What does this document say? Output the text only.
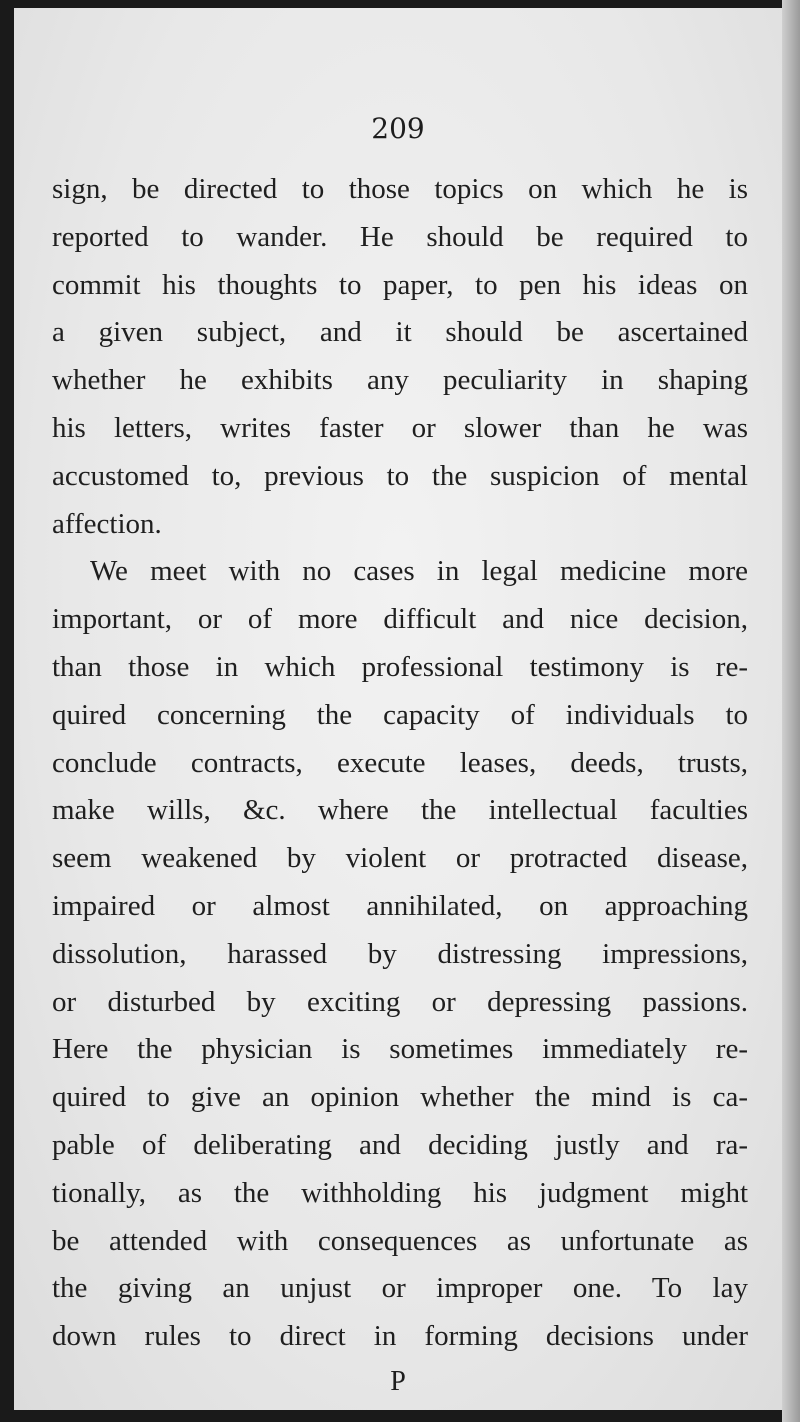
209
sign, be directed to those topics on which he is
reported to wander. He should be required to
commit his thoughts to paper, to pen his ideas on
a given subject, and it should be ascertained
whether he exhibits any peculiarity in shaping
his letters, writes faster or slower than he was
accustomed to, previous to the suspicion of mental
affection.
We meet with no cases in legal medicine more
important, or of more difficult and nice decision,
than those in which professional testimony is re-
quired concerning the capacity of individuals to
conclude contracts, execute leases, deeds, trusts,
make wills, &c. where the intellectual faculties
seem weakened by violent or protracted disease,
impaired or almost annihilated, on approaching
dissolution, harassed by distressing impressions,
or disturbed by exciting or depressing passions.
Here the physician is sometimes immediately re-
quired to give an opinion whether the mind is ca-
pable of deliberating and deciding justly and ra-
tionally, as the withholding his judgment might
be attended with consequences as unfortunate as
the giving an unjust or improper one. To lay
down rules to direct in forming decisions under
P
